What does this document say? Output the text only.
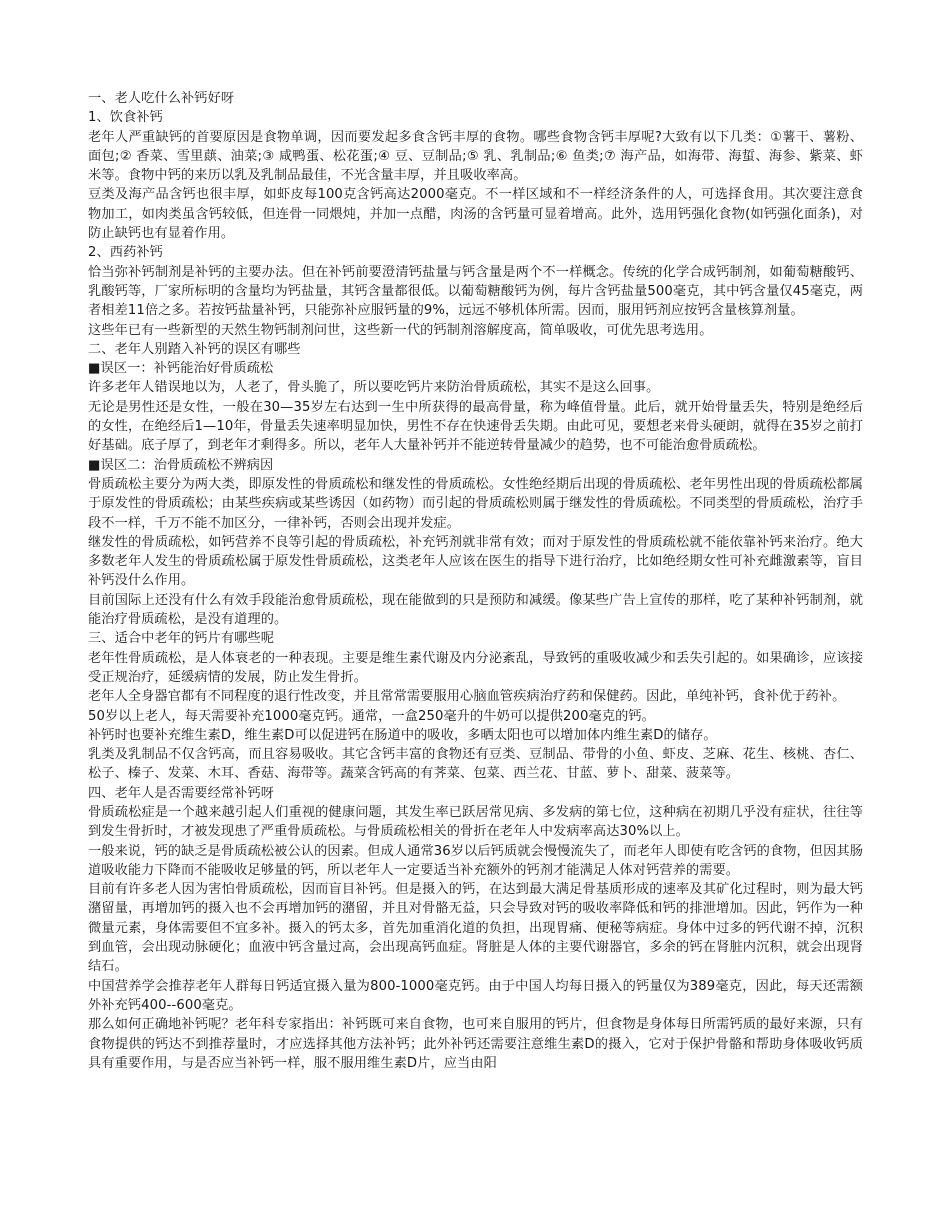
一、老人吃什么补钙好呀

1、饮食补钙

老年人严重缺钙的首要原因是食物单调，因而要发起多食含钙丰厚的食物。哪些食物含钙丰厚呢?大致有以下几类：①薯干、薯粉、面包;② 香菜、雪里蕻、油菜;③ 咸鸭蛋、松花蛋;④ 豆、豆制品;⑤ 乳、乳制品;⑥ 鱼类;⑦ 海产品，如海带、海蜇、海参、紫菜、虾米等。食物中钙的来历以乳及乳制品最佳，不光含量丰厚，并且吸收率高。

豆类及海产品含钙也很丰厚，如虾皮每100克含钙高达2000毫克。不一样区域和不一样经济条件的人，可选择食用。其次要注意食物加工，如肉类虽含钙较低，但连骨一同煨炖，并加一点醋，肉汤的含钙量可显着增高。此外，选用钙强化食物(如钙强化面条)，对防止缺钙也有显着作用。

2、西药补钙

恰当弥补钙制剂是补钙的主要办法。但在补钙前要澄清钙盐量与钙含量是两个不一样概念。传统的化学合成钙制剂，如葡萄糖酸钙、乳酸钙等，厂家所标明的含量均为钙盐量，其钙含量都很低。以葡萄糖酸钙为例，每片含钙盐量500毫克，其中钙含量仅45毫克，两者相差11倍之多。若按钙盐量补钙，只能弥补应服钙量的9%，远远不够机体所需。因而，服用钙剂应按钙含量核算剂量。

这些年已有一些新型的天然生物钙制剂问世，这些新一代的钙制剂溶解度高，简单吸收，可优先思考选用。

二、老年人别踏入补钙的误区有哪些

■误区一：补钙能治好骨质疏松

许多老年人错误地以为，人老了，骨头脆了，所以要吃钙片来防治骨质疏松，其实不是这么回事。

无论是男性还是女性，一般在30—35岁左右达到一生中所获得的最高骨量，称为峰值骨量。此后，就开始骨量丢失，特别是绝经后的女性，在绝经后1—10年，骨量丢失速率明显加快，男性不存在快速骨丢失期。由此可见，要想老来骨头硬朗，就得在35岁之前打好基础。底子厚了，到老年才剩得多。所以，老年人大量补钙并不能逆转骨量减少的趋势，也不可能治愈骨质疏松。

■误区二：治骨质疏松不辨病因

骨质疏松主要分为两大类，即原发性的骨质疏松和继发性的骨质疏松。女性绝经期后出现的骨质疏松、老年男性出现的骨质疏松都属于原发性的骨质疏松；由某些疾病或某些诱因（如药物）而引起的骨质疏松则属于继发性的骨质疏松。不同类型的骨质疏松，治疗手段不一样，千万不能不加区分，一律补钙，否则会出现并发症。

继发性的骨质疏松，如钙营养不良等引起的骨质疏松，补充钙剂就非常有效；而对于原发性的骨质疏松就不能依靠补钙来治疗。绝大多数老年人发生的骨质疏松属于原发性骨质疏松，这类老年人应该在医生的指导下进行治疗，比如绝经期女性可补充雌激素等，盲目补钙没什么作用。

目前国际上还没有什么有效手段能治愈骨质疏松，现在能做到的只是预防和减缓。像某些广告上宣传的那样，吃了某种补钙制剂，就能治疗骨质疏松，是没有道理的。

三、适合中老年的钙片有哪些呢

老年性骨质疏松，是人体衰老的一种表现。主要是维生素代谢及内分泌紊乱，导致钙的重吸收减少和丢失引起的。如果确诊，应该接受正规治疗，延缓病情的发展，防止发生骨折。

老年人全身器官都有不同程度的退行性改变，并且常常需要服用心脑血管疾病治疗药和保健药。因此，单纯补钙，食补优于药补。

50岁以上老人，每天需要补充1000毫克钙。通常，一盒250毫升的牛奶可以提供200毫克的钙。

补钙时也要补充维生素D，维生素D可以促进钙在肠道中的吸收，多晒太阳也可以增加体内维生素D的储存。

乳类及乳制品不仅含钙高，而且容易吸收。其它含钙丰富的食物还有豆类、豆制品、带骨的小鱼、虾皮、芝麻、花生、核桃、杏仁、松子、榛子、发菜、木耳、香菇、海带等。蔬菜含钙高的有荠菜、包菜、西兰花、甘蓝、萝卜、甜菜、菠菜等。

四、老年人是否需要经常补钙呀

骨质疏松症是一个越来越引起人们重视的健康问题，其发生率已跃居常见病、多发病的第七位，这种病在初期几乎没有症状，往往等到发生骨折时，才被发现患了严重骨质疏松。与骨质疏松相关的骨折在老年人中发病率高达30%以上。

一般来说，钙的缺乏是骨质疏松被公认的因素。但成人通常36岁以后钙质就会慢慢流失了，而老年人即使有吃含钙的食物，但因其肠道吸收能力下降而不能吸收足够量的钙，所以老年人一定要适当补充额外的钙剂才能满足人体对钙营养的需要。

目前有许多老人因为害怕骨质疏松，因而盲目补钙。但是摄入的钙，在达到最大满足骨基质形成的速率及其矿化过程时，则为最大钙潴留量，再增加钙的摄入也不会再增加钙的潴留，并且对骨骼无益，只会导致对钙的吸收率降低和钙的排泄增加。因此，钙作为一种微量元素，身体需要但不宜多补。摄入的钙太多，首先加重消化道的负担，出现胃痛、便秘等病症。身体中过多的钙代谢不掉，沉积到血管，会出现动脉硬化；血液中钙含量过高，会出现高钙血症。肾脏是人体的主要代谢器官，多余的钙在肾脏内沉积，就会出现肾结石。

中国营养学会推荐老年人群每日钙适宜摄入量为800-1000毫克钙。由于中国人均每日摄入的钙量仅为389毫克，因此，每天还需额外补充钙400--600毫克。

那么如何正确地补钙呢？老年科专家指出：补钙既可来自食物，也可来自服用的钙片，但食物是身体每日所需钙质的最好来源，只有食物提供的钙达不到推荐量时，才应选择其他方法补钙；此外补钙还需要注意维生素D的摄入，它对于保护骨骼和帮助身体吸收钙质具有重要作用，与是否应当补钙一样，服不服用维生素D片，应当由阳
